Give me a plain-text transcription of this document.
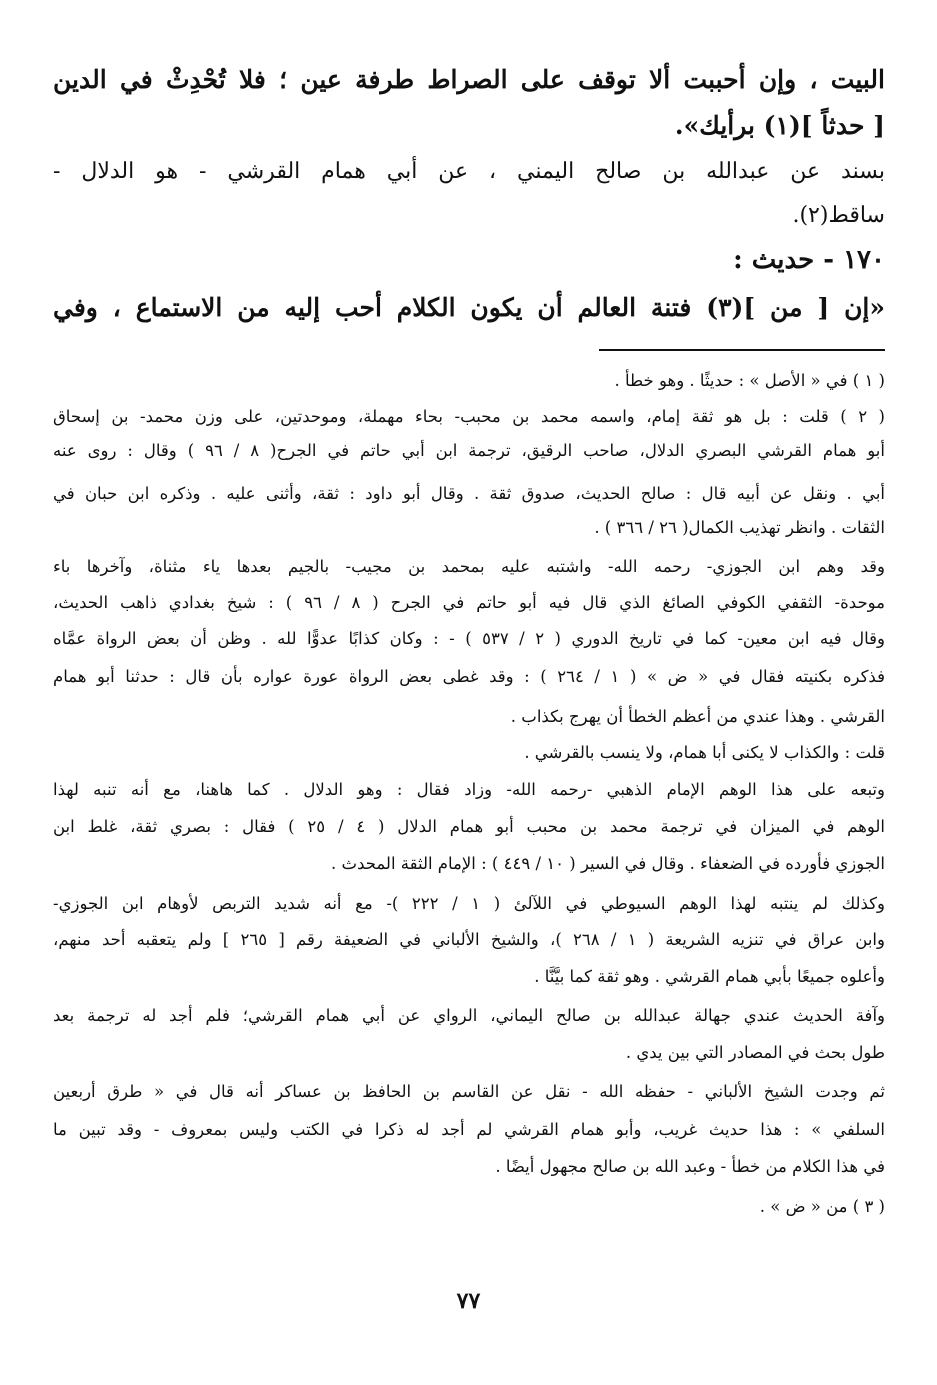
البيت ، وإن أحببت ألا توقف على الصراط طرفة عين ؛ فلا تُحْدِثْ في الدين
[ حدثاً ](١) برأيك».
بسند عن عبدالله بن صالح اليمني ، عن أبي همام القرشي - هو الدلال -
ساقط(٢).
١٧٠ - حديث :
«إن [ من ](٣) فتنة العالم أن يكون الكلام أحب إليه من الاستماع ، وفي
( ١ ) في « الأصل » : حديثًا . وهو خطأ .
( ٢ ) قلت : بل هو ثقة إمام، واسمه محمد بن محبب- بحاء مهملة، وموحدتين، على وزن محمد- بن إسحاق
أبو همام القرشي البصري الدلال، صاحب الرقيق، ترجمة ابن أبي حاتم في الجرح( ٨ / ٩٦ ) وقال : روى عنه
أبي . ونقل عن أبيه قال : صالح الحديث، صدوق ثقة . وقال أبو داود : ثقة، وأثنى عليه . وذكره ابن حبان في
الثقات . وانظر تهذيب الكمال( ٢٦ / ٣٦٦ ) .
وقد وهم ابن الجوزي- رحمه الله- واشتبه عليه بمحمد بن مجيب- بالجيم بعدها ياء مثناة، وآخرها باء
موحدة- الثقفي الكوفي الصائغ الذي قال فيه أبو حاتم في الجرح ( ٨ / ٩٦ ) : شيخ بغدادي ذاهب الحديث،
وقال فيه ابن معين- كما في تاريخ الدوري ( ٢ / ٥٣٧ ) - : وكان كذابًا عدوًّا لله . وظن أن بعض الرواة عمَّاه
فذكره بكنيته فقال في « ض » ( ١ / ٢٦٤ ) : وقد غطى بعض الرواة عورة عواره بأن قال : حدثنا أبو همام
القرشي . وهذا عندي من أعظم الخطأ أن يهرج بكذاب .
قلت : والكذاب لا يكنى أبا همام، ولا ينسب بالقرشي .
وتبعه على هذا الوهم الإمام الذهبي -رحمه الله- وزاد فقال : وهو الدلال . كما هاهنا، مع أنه تنبه لهذا
الوهم في الميزان في ترجمة محمد بن محبب أبو همام الدلال ( ٤ / ٢٥ ) فقال : بصري ثقة، غلط ابن
الجوزي فأورده في الضعفاء . وقال في السير ( ١٠ / ٤٤٩ ) : الإمام الثقة المحدث .
وكذلك لم ينتبه لهذا الوهم السيوطي في اللآلئ ( ١ / ٢٢٢ )- مع أنه شديد التربص لأوهام ابن الجوزي-
وابن عراق في تنزيه الشريعة ( ١ / ٢٦٨ )، والشيخ الألباني في الضعيفة رقم [ ٢٦٥ ] ولم يتعقبه أحد منهم،
وأعلوه جميعًا بأبي همام القرشي . وهو ثقة كما بيَّنَّا .
وآفة الحديث عندي جهالة عبدالله بن صالح اليماني، الرواي عن أبي همام القرشي؛ فلم أجد له ترجمة بعد
طول بحث في المصادر التي بين يدي .
ثم وجدت الشيخ الألباني - حفظه الله - نقل عن القاسم بن الحافظ بن عساكر أنه قال في « طرق أربعين
السلفي » : هذا حديث غريب، وأبو همام القرشي لم أجد له ذكرا في الكتب وليس بمعروف - وقد تبين ما
في هذا الكلام من خطأ - وعبد الله بن صالح مجهول أيضًا .
( ٣ ) من « ض » .
٧٧
